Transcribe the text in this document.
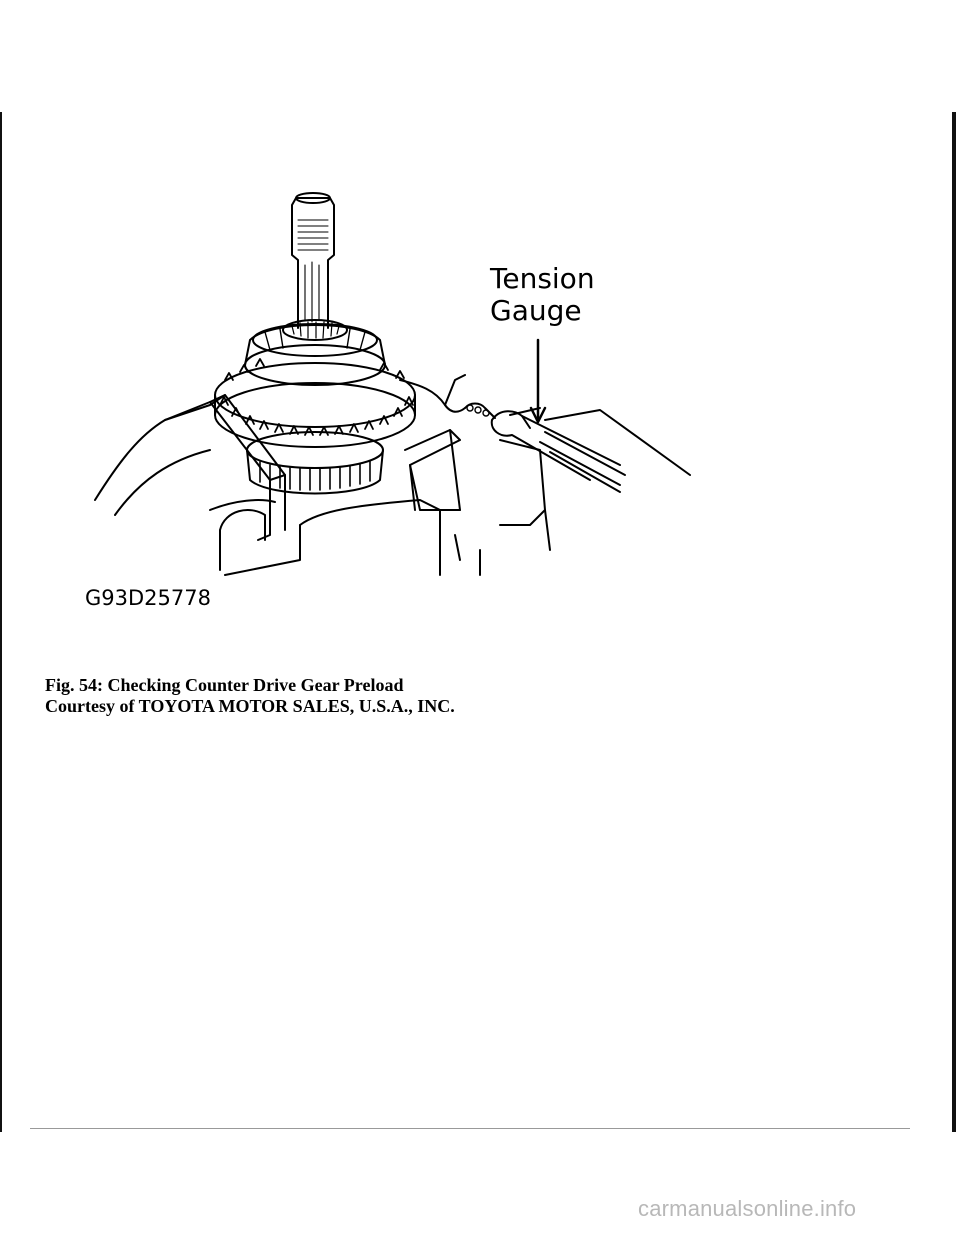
Tension
Gauge
G93D25778
Fig. 54: Checking Counter Drive Gear Preload
Courtesy of TOYOTA MOTOR SALES, U.S.A., INC.
carmanualsonline.info
